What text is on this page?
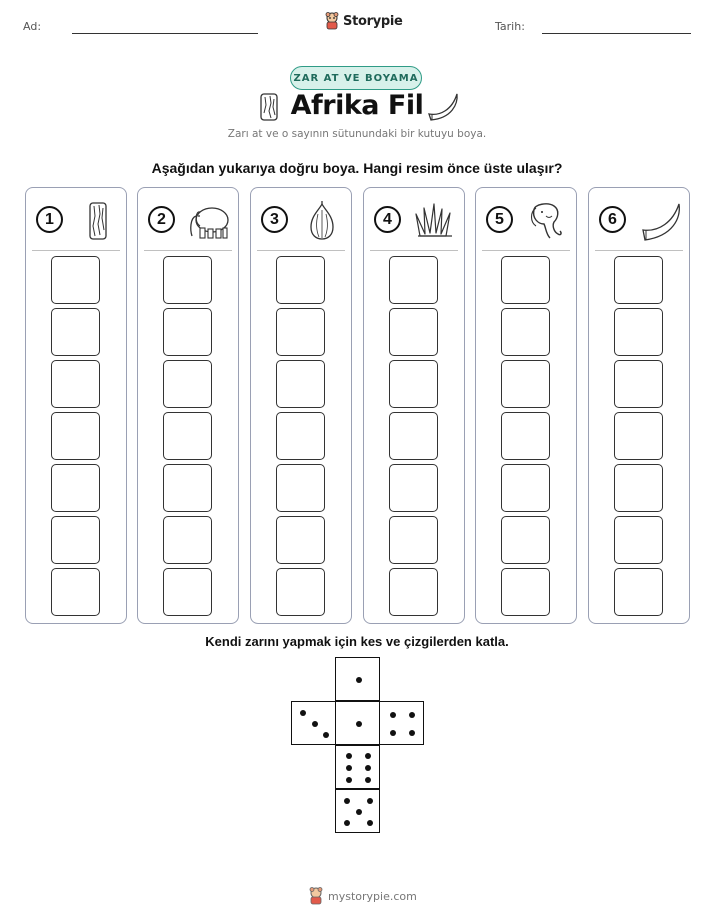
Ad:	Storypie	Tarih:
ZAR AT VE BOYAMA
Afrika Fil
Zarı at ve o sayının sütunundaki bir kutuyu boya.
Aşağıdan yukarıya doğru boya. Hangi resim önce üste ulaşır?
1	2	3	4	5	6
Kendi zarını yapmak için kes ve çizgilerden katla.
mystorypie.com
